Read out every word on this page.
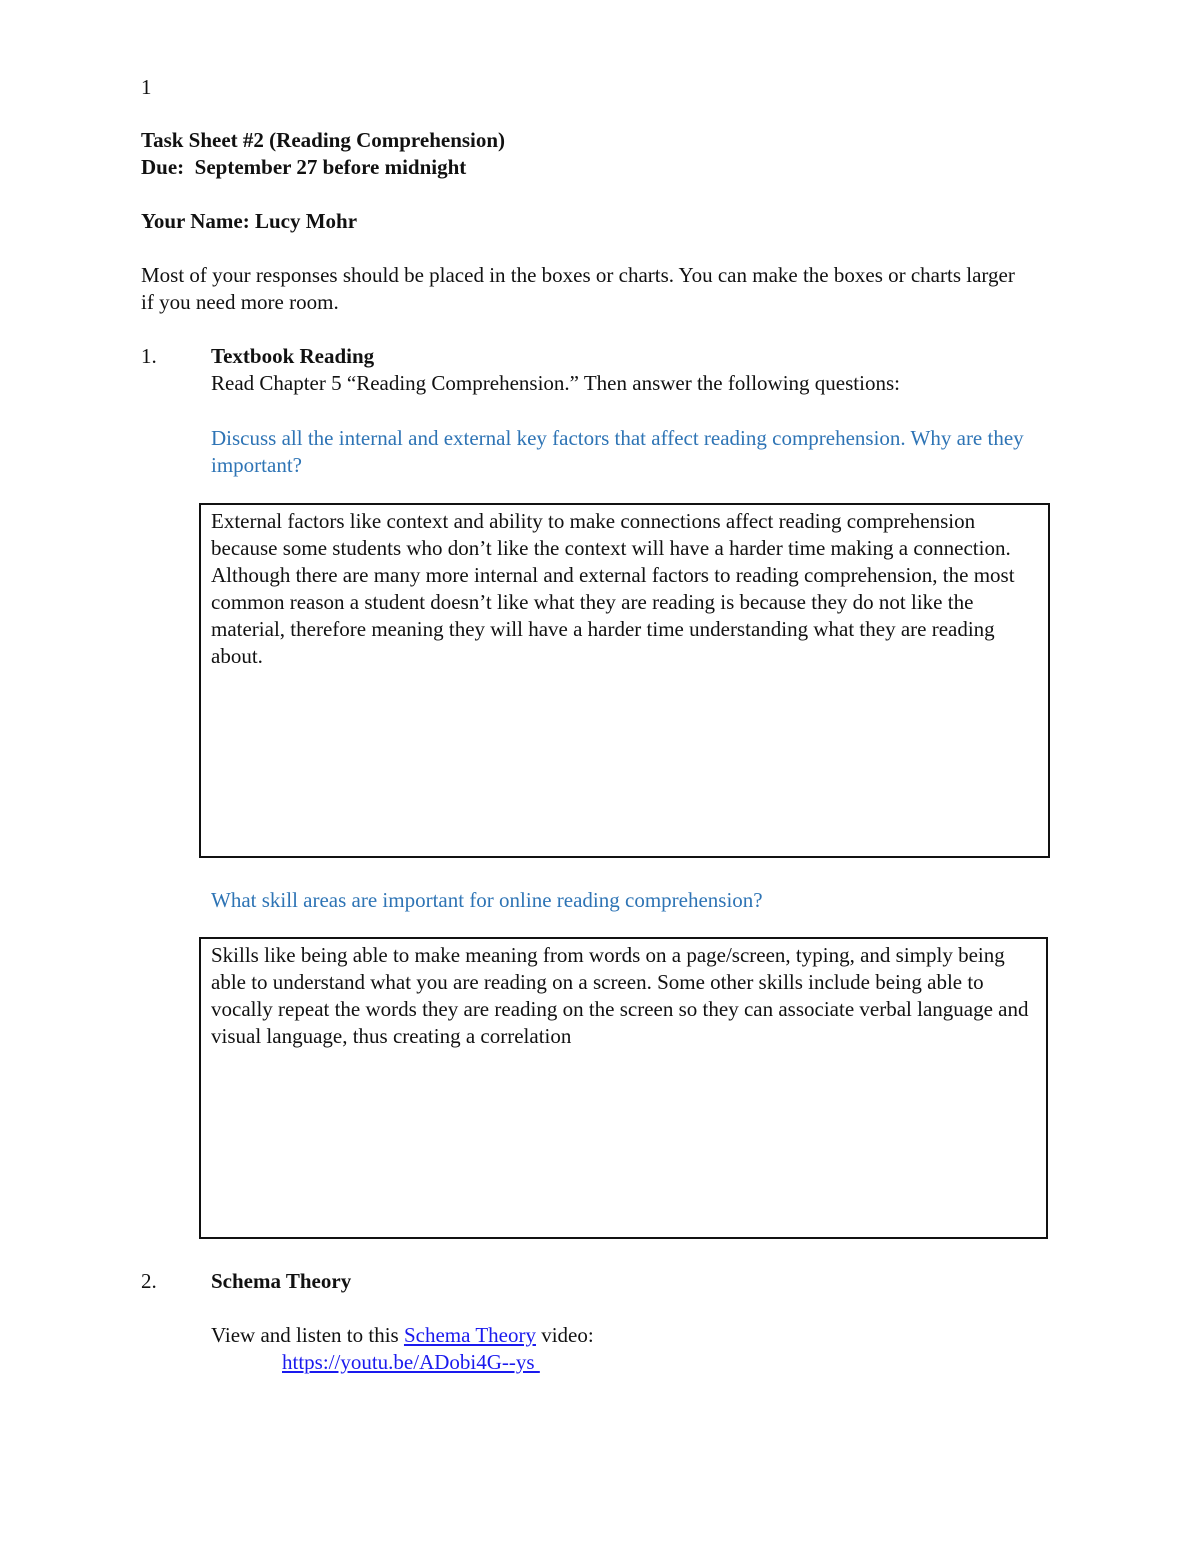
1
Task Sheet #2 (Reading Comprehension)
Due:  September 27 before midnight
Your Name: Lucy Mohr
Most of your responses should be placed in the boxes or charts. You can make the boxes or charts larger if you need more room.
1.	Textbook Reading
Read Chapter 5 “Reading Comprehension.” Then answer the following questions:
Discuss all the internal and external key factors that affect reading comprehension. Why are they important?
External factors like context and ability to make connections affect reading comprehension because some students who don’t like the context will have a harder time making a connection. Although there are many more internal and external factors to reading comprehension, the most common reason a student doesn’t like what they are reading is because they do not like the material, therefore meaning they will have a harder time understanding what they are reading about.
What skill areas are important for online reading comprehension?
Skills like being able to make meaning from words on a page/screen, typing, and simply being able to understand what you are reading on a screen. Some other skills include being able to vocally repeat the words they are reading on the screen so they can associate verbal language and visual language, thus creating a correlation
2.	Schema Theory
View and listen to this Schema Theory video:
https://youtu.be/ADobi4G--ys
